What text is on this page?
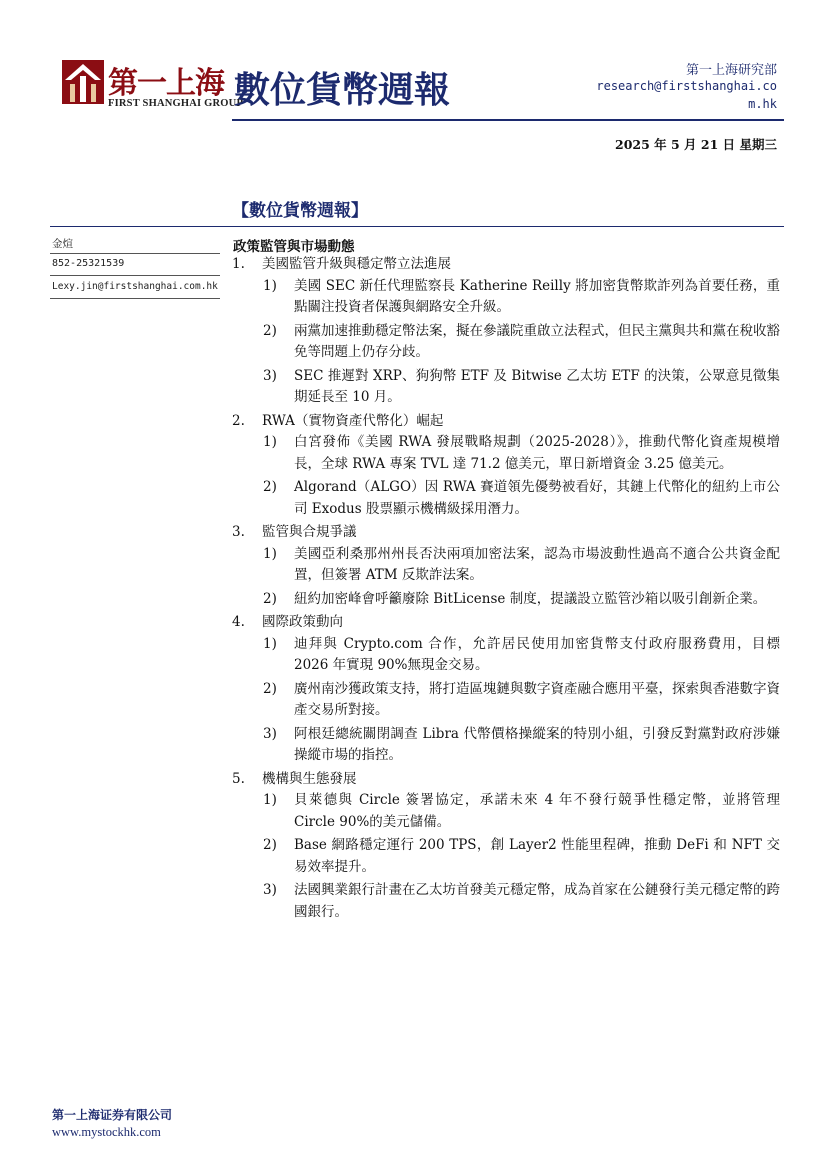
第一上海
FIRST SHANGHAI GROUP
數位貨幣週報	第一上海研究部
research@firstshanghai.com.hk
2025 年 5 月 21 日 星期三
【數位貨幣週報】
金煊
852-25321539
Lexy.jin@firstshanghai.com.hk
政策監管與市場動態
1. 美國監管升級與穩定幣立法進展
1) 美國 SEC 新任代理監察長 Katherine Reilly 將加密貨幣欺詐列為首要任務，重點關注投資者保護與網路安全升級。
2) 兩黨加速推動穩定幣法案，擬在參議院重啟立法程式，但民主黨與共和黨在稅收豁免等問題上仍存分歧。
3) SEC 推遲對 XRP、狗狗幣 ETF 及 Bitwise 乙太坊 ETF 的決策，公眾意見徵集期延長至 10 月。
2. RWA（實物資產代幣化）崛起
1) 白宮發佈《美國 RWA 發展戰略規劃（2025-2028）》，推動代幣化資產規模增長，全球 RWA 專案 TVL 達 71.2 億美元，單日新增資金 3.25 億美元。
2) Algorand（ALGO）因 RWA 賽道領先優勢被看好，其鏈上代幣化的紐約上市公司 Exodus 股票顯示機構級採用潛力。
3. 監管與合規爭議
1) 美國亞利桑那州州長否決兩項加密法案，認為市場波動性過高不適合公共資金配置，但簽署 ATM 反欺詐法案。
2) 紐約加密峰會呼籲廢除 BitLicense 制度，提議設立監管沙箱以吸引創新企業。
4. 國際政策動向
1) 迪拜與 Crypto.com 合作，允許居民使用加密貨幣支付政府服務費用，目標 2026 年實現 90%無現金交易。
2) 廣州南沙獲政策支持，將打造區塊鏈與數字資產融合應用平臺，探索與香港數字資產交易所對接。
3) 阿根廷總統關閉調查 Libra 代幣價格操縱案的特別小組，引發反對黨對政府涉嫌操縱市場的指控。
5. 機構與生態發展
1) 貝萊德與 Circle 簽署協定，承諾未來 4 年不發行競爭性穩定幣，並將管理 Circle 90%的美元儲備。
2) Base 網路穩定運行 200 TPS，創 Layer2 性能里程碑，推動 DeFi 和 NFT 交易效率提升。
3) 法國興業銀行計畫在乙太坊首發美元穩定幣，成為首家在公鏈發行美元穩定幣的跨國銀行。
第一上海证券有限公司
www.mystockhk.com
